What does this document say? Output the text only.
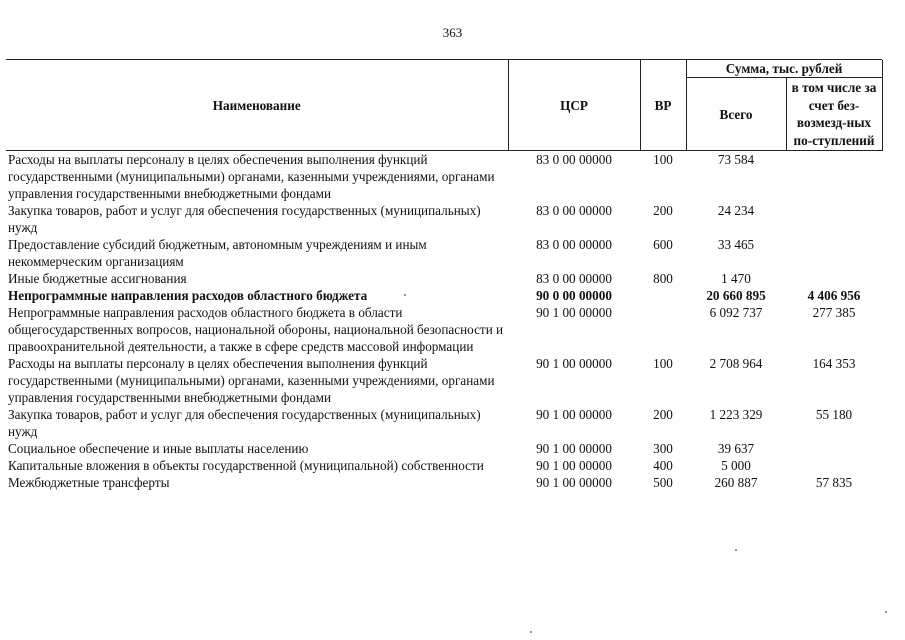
363
Наименование	ЦСР	ВР	Сумма, тыс. рублей	
			Всего	в том числе за счет без-возмезд-ных по-ступлений
Расходы на выплаты персоналу в целях обеспечения выполнения функций государственными (муниципальными) органами, казенными учреждениями, органами управления государственными внебюджетными фондами	83 0 00 00000	100	73 584	
Закупка товаров, работ и услуг для обеспечения государственных (муниципальных) нужд	83 0 00 00000	200	24 234	
Предоставление субсидий бюджетным, автономным учреждениям и иным некоммерческим организациям	83 0 00 00000	600	33 465	
Иные бюджетные ассигнования	83 0 00 00000	800	1 470	
Непрограммные направления расходов областного бюджета	90 0 00 00000		20 660 895	4 406 956
Непрограммные направления расходов областного бюджета в области общегосударственных вопросов, национальной обороны, национальной безопасности и правоохранительной деятельности, а также в сфере средств массовой информации	90 1 00 00000		6 092 737	277 385
Расходы на выплаты персоналу в целях обеспечения выполнения функций государственными (муниципальными) органами, казенными учреждениями, органами управления государственными внебюджетными фондами	90 1 00 00000	100	2 708 964	164 353
Закупка товаров, работ и услуг для обеспечения государственных (муниципальных) нужд	90 1 00 00000	200	1 223 329	55 180
Социальное обеспечение и иные выплаты населению	90 1 00 00000	300	39 637	
Капитальные вложения в объекты государственной (муниципальной) собственности	90 1 00 00000	400	5 000	
Межбюджетные трансферты	90 1 00 00000	500	260 887	57 835
